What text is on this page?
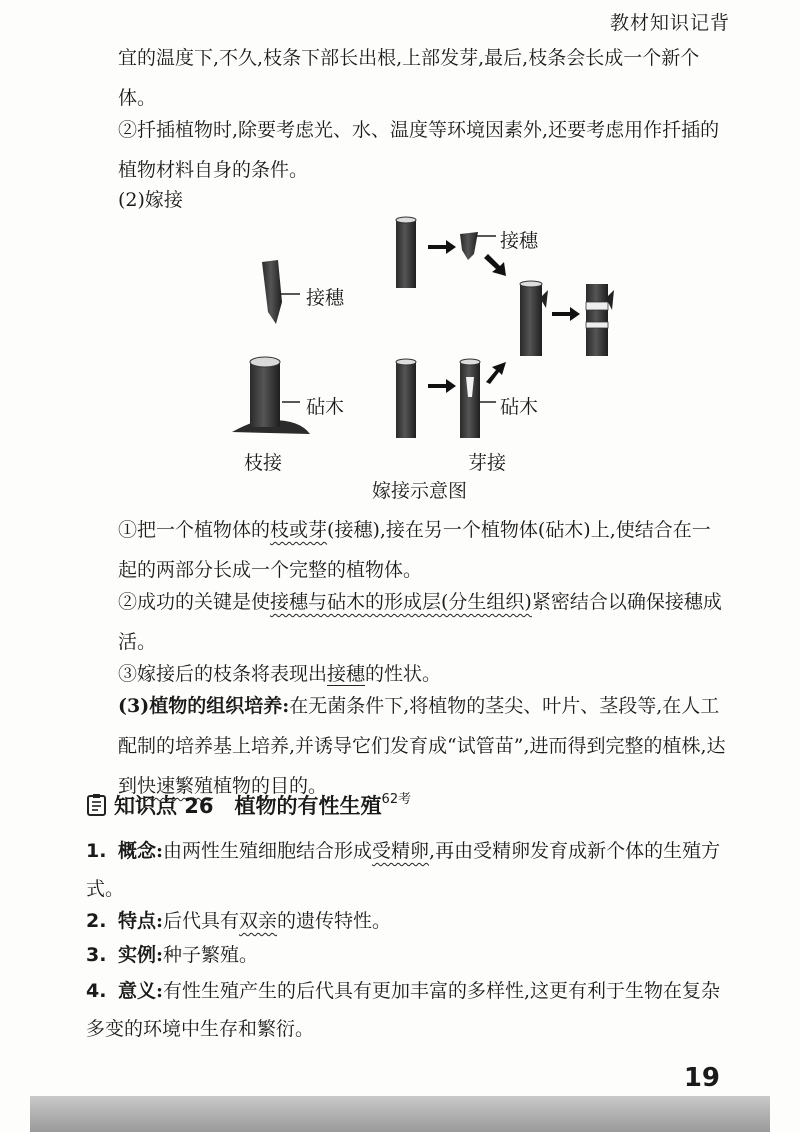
教材知识记背

宜的温度下,不久,枝条下部长出根,上部发芽,最后,枝条会长成一个新个体。

②扦插植物时,除要考虑光、水、温度等环境因素外,还要考虑用作扦插的植物材料自身的条件。

(2)嫁接

接穗
砧木
接穗
砧木
枝接	芽接
嫁接示意图

①把一个植物体的枝或芽(接穗),接在另一个植物体(砧木)上,使结合在一起的两部分长成一个完整的植物体。

②成功的关键是使接穗与砧木的形成层(分生组织)紧密结合以确保接穗成活。

③嫁接后的枝条将表现出接穗的性状。

(3)植物的组织培养:在无菌条件下,将植物的茎尖、叶片、茎段等,在人工配制的培养基上培养,并诱导它们发育成“试管苗”,进而得到完整的植株,达到快速繁殖植物的目的。

知识点 26　植物的有性生殖 62考
1. 概念:由两性生殖细胞结合形成受精卵,再由受精卵发育成新个体的生殖方式。
2. 特点:后代具有双亲的遗传特性。
3. 实例:种子繁殖。
4. 意义:有性生殖产生的后代具有更加丰富的多样性,这更有利于生物在复杂多变的环境中生存和繁衍。
19
